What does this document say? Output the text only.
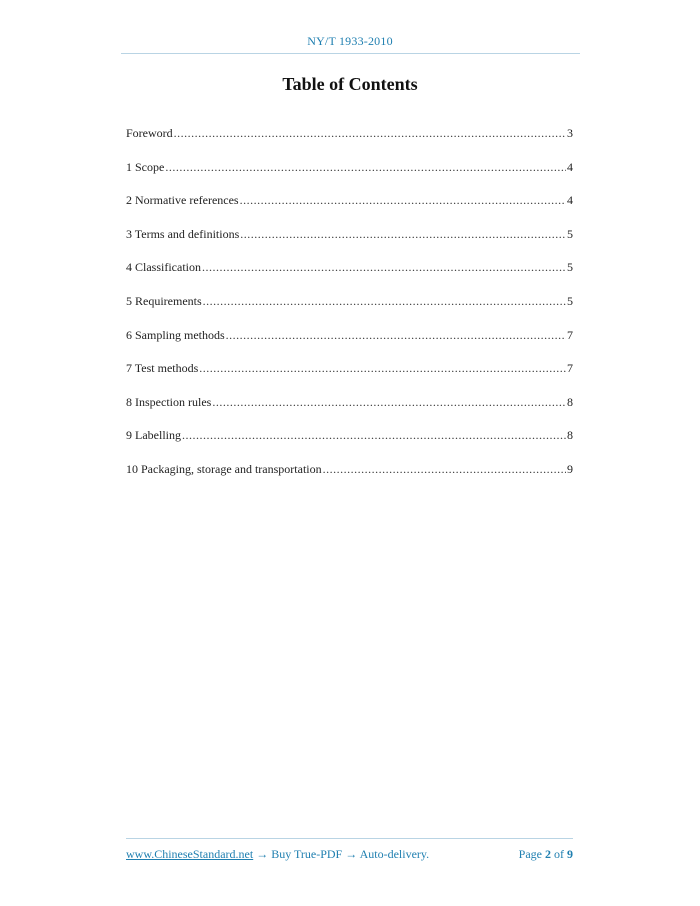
NY/T 1933-2010
Table of Contents
Foreword .....	3
1 Scope .....	4
2 Normative references .....	4
3 Terms and definitions .....	5
4 Classification .....	5
5 Requirements .....	5
6 Sampling methods .....	7
7 Test methods .....	7
8 Inspection rules .....	8
9 Labelling .....	8
10 Packaging, storage and transportation .....	9
www.ChineseStandard.net → Buy True-PDF → Auto-delivery.	Page 2 of 9
